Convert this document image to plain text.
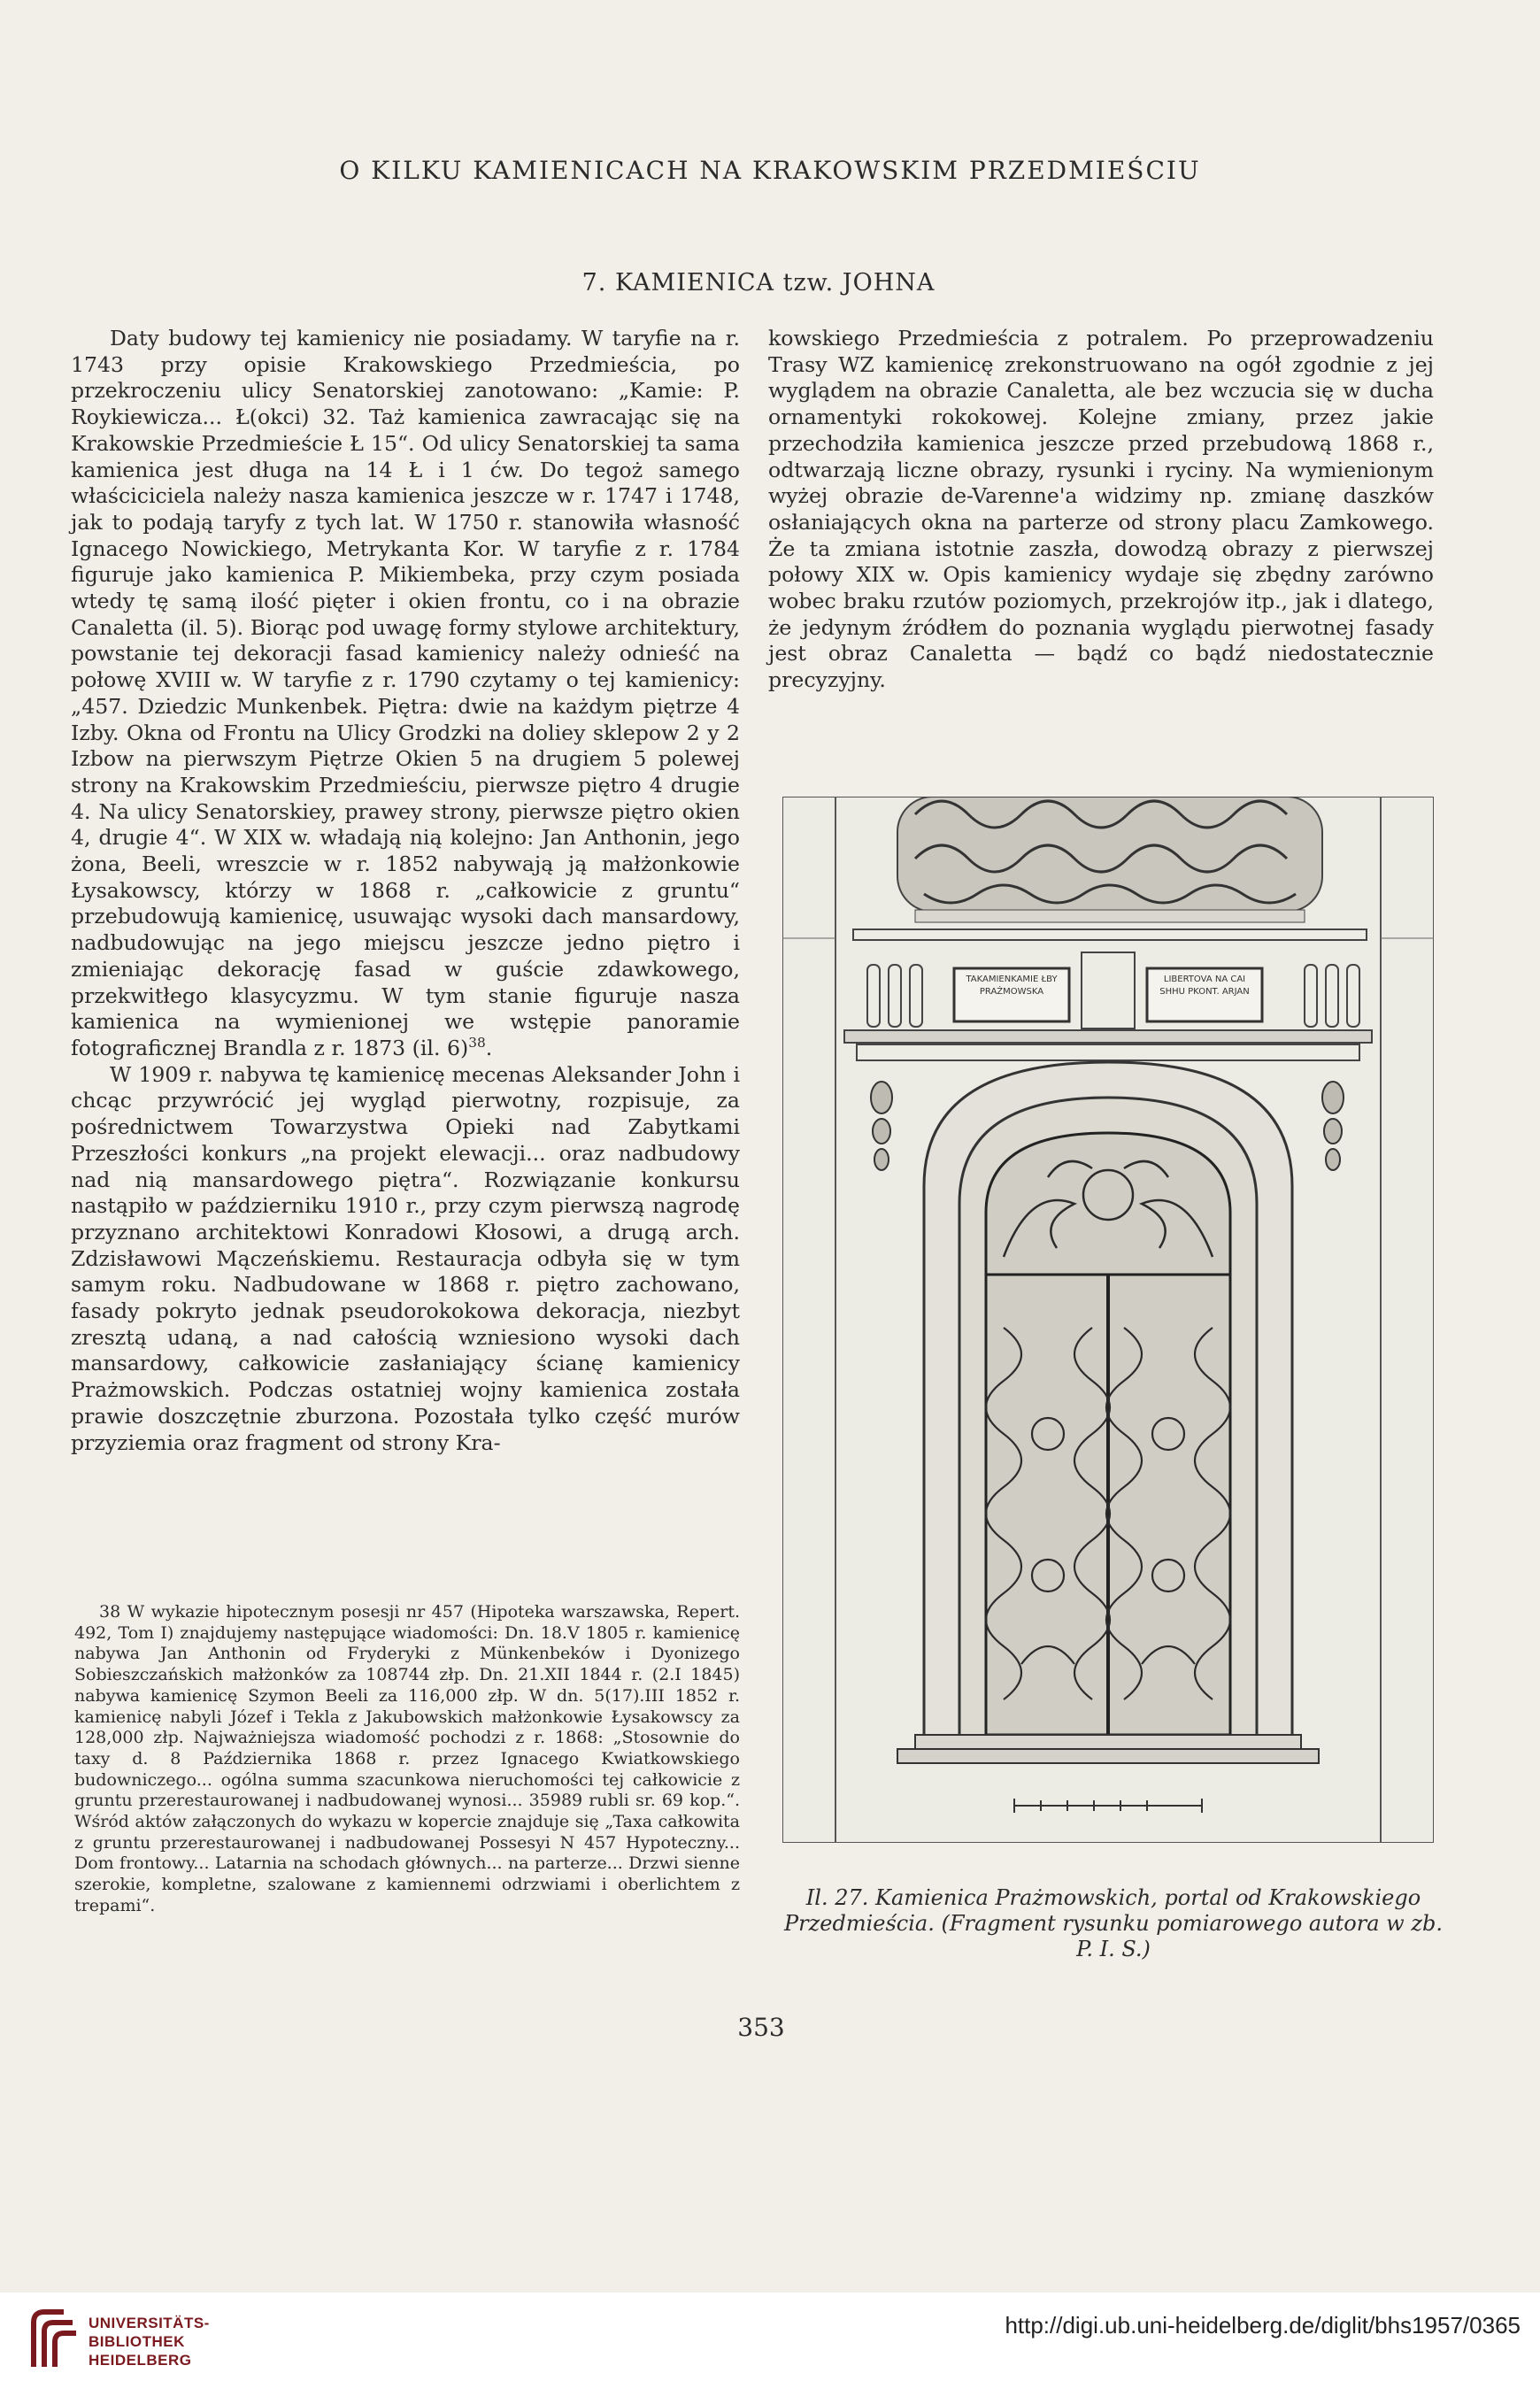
O KILKU KAMIENICACH NA KRAKOWSKIM PRZEDMIEŚCIU
7. KAMIENICA tzw. JOHNA

Daty budowy tej kamienicy nie posiadamy. W taryfie na r. 1743 przy opisie Krakowskiego Przedmieścia, po przekroczeniu ulicy Senatorskiej zanotowano: „Kamie: P. Roykiewicza... Ł(okci) 32. Taż kamienica zawracając się na Krakowskie Przedmieście Ł 15“. Od ulicy Senatorskiej ta sama kamienica jest długa na 14 Ł i 1 ćw. Do tegoż samego właściciciela należy nasza kamienica jeszcze w r. 1747 i 1748, jak to podają taryfy z tych lat. W 1750 r. stanowiła własność Ignacego Nowickiego, Metrykanta Kor. W taryfie z r. 1784 figuruje jako kamienica P. Mikiembeka, przy czym posiada wtedy tę samą ilość pięter i okien frontu, co i na obrazie Canaletta (il. 5). Biorąc pod uwagę formy stylowe architektury, powstanie tej dekoracji fasad kamienicy należy odnieść na połowę XVIII w. W taryfie z r. 1790 czytamy o tej kamienicy: „457. Dziedzic Munkenbek. Piętra: dwie na każdym piętrze 4 Izby. Okna od Frontu na Ulicy Grodzki na doliey sklepow 2 y 2 Izbow na pierwszym Piętrze Okien 5 na drugiem 5 polewej strony na Krakowskim Przedmieściu, pierwsze piętro 4 drugie 4. Na ulicy Senatorskiey, prawey strony, pierwsze piętro okien 4, drugie 4“. W XIX w. władają nią kolejno: Jan Anthonin, jego żona, Beeli, wreszcie w r. 1852 nabywają ją małżonkowie Łysakowscy, którzy w 1868 r. „całkowicie z gruntu“ przebudowują kamienicę, usuwając wysoki dach mansardowy, nadbudowując na jego miejscu jeszcze jedno piętro i zmieniając dekorację fasad w guście zdawkowego, przekwitłego klasycyzmu. W tym stanie figuruje nasza kamienica na wymienionej we wstępie panoramie fotograficznej Brandla z r. 1873 (il. 6)$^{38}$.

W 1909 r. nabywa tę kamienicę mecenas Aleksander John i chcąc przywrócić jej wygląd pierwotny, rozpisuje, za pośrednictwem Towarzystwa Opieki nad Zabytkami Przeszłości konkurs „na projekt elewacji... oraz nadbudowy nad nią mansardowego piętra“. Rozwiązanie konkursu nastąpiło w październiku 1910 r., przy czym pierwszą nagrodę przyznano architektowi Konradowi Kłosowi, a drugą arch. Zdzisławowi Mączeńskiemu. Restauracja odbyła się w tym samym roku. Nadbudowane w 1868 r. piętro zachowano, fasady pokryto jednak pseudorokokowa dekoracja, niezbyt zresztą udaną, a nad całością wzniesiono wysoki dach mansardowy, całkowicie zasłaniający ścianę kamienicy Prażmowskich. Podczas ostatniej wojny kamienica została prawie doszczętnie zburzona. Pozostała tylko część murów przyziemia oraz fragment od strony Kra-

kowskiego Przedmieścia z potralem. Po przeprowadzeniu Trasy WZ kamienicę zrekonstruowano na ogół zgodnie z jej wyglądem na obrazie Canaletta, ale bez wczucia się w ducha ornamentyki rokokowej. Kolejne zmiany, przez jakie przechodziła kamienica jeszcze przed przebudową 1868 r., odtwarzają liczne obrazy, rysunki i ryciny. Na wymienionym wyżej obrazie de-Varenne'a widzimy np. zmianę daszków osłaniających okna na parterze od strony placu Zamkowego. Że ta zmiana istotnie zaszła, dowodzą obrazy z pierwszej połowy XIX w. Opis kamienicy wydaje się zbędny zarówno wobec braku rzutów poziomych, przekrojów itp., jak i dlatego, że jedynym źródłem do poznania wyglądu pierwotnej fasady jest obraz Canaletta — bądź co bądź niedostatecznie precyzyjny.

38 W wykazie hipotecznym posesji nr 457 (Hipoteka warszawska, Repert. 492, Tom I) znajdujemy następujące wiadomości: Dn. 18.V 1805 r. kamienicę nabywa Jan Anthonin od Fryderyki z Münkenbeków i Dyonizego Sobieszczańskich małżonków za 108744 złp. Dn. 21.XII 1844 r. (2.I 1845) nabywa kamienicę Szymon Beeli za 116,000 złp. W dn. 5(17).III 1852 r. kamienicę nabyli Józef i Tekla z Jakubowskich małżonkowie Łysakowscy za 128,000 złp. Najważniejsza wiadomość pochodzi z r. 1868: „Stosownie do taxy d. 8 Października 1868 r. przez Ignacego Kwiatkowskiego budowniczego... ogólna summa szacunkowa nieruchomości tej całkowicie z gruntu przerestaurowanej i nadbudowanej wynosi... 35989 rubli sr. 69 kop.“. Wśród aktów załączonych do wykazu w kopercie znajduje się „Taxa całkowita z gruntu przerestaurowanej i nadbudowanej Possesyi N 457 Hypoteczny... Dom frontowy... Latarnia na schodach głównych... na parterze... Drzwi sienne szerokie, kompletne, szalowane z kamiennemi odrzwiami i oberlichtem z trepami“.

TAKAMIENKAMIE ŁBY PRAŻMOWSKA
LIBERTOVA NA CAI SHHU PKONT. ARJAN
Il. 27. Kamienica Prażmowskich, portal od Krakowskiego Przedmieścia. (Fragment rysunku pomiarowego autora w zb. P. I. S.)
353
UNIVERSITÄTS-
BIBLIOTHEK
HEIDELBERG
http://digi.ub.uni-heidelberg.de/diglit/bhs1957/0365
